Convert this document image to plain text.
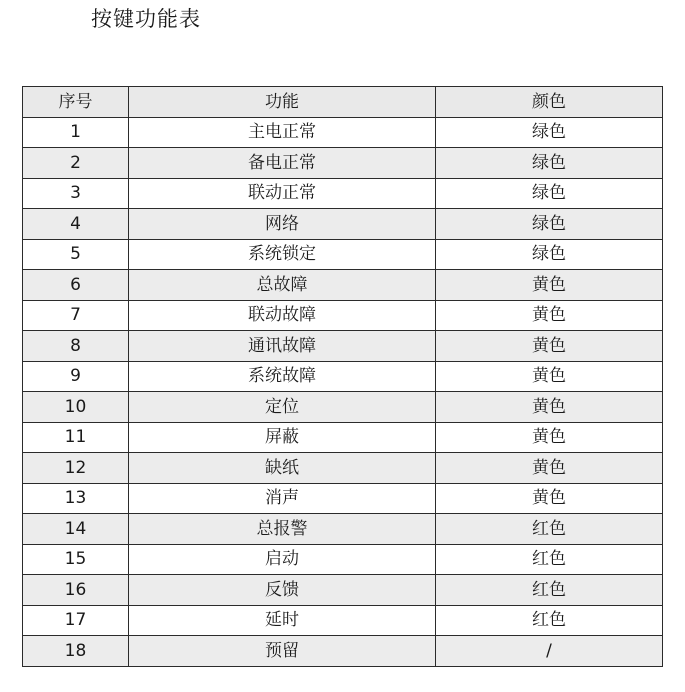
按键功能表
序号	功能	颜色
1	主电正常	绿色
2	备电正常	绿色
3	联动正常	绿色
4	网络	绿色
5	系统锁定	绿色
6	总故障	黄色
7	联动故障	黄色
8	通讯故障	黄色
9	系统故障	黄色
10	定位	黄色
11	屏蔽	黄色
12	缺纸	黄色
13	消声	黄色
14	总报警	红色
15	启动	红色
16	反馈	红色
17	延时	红色
18	预留	/
